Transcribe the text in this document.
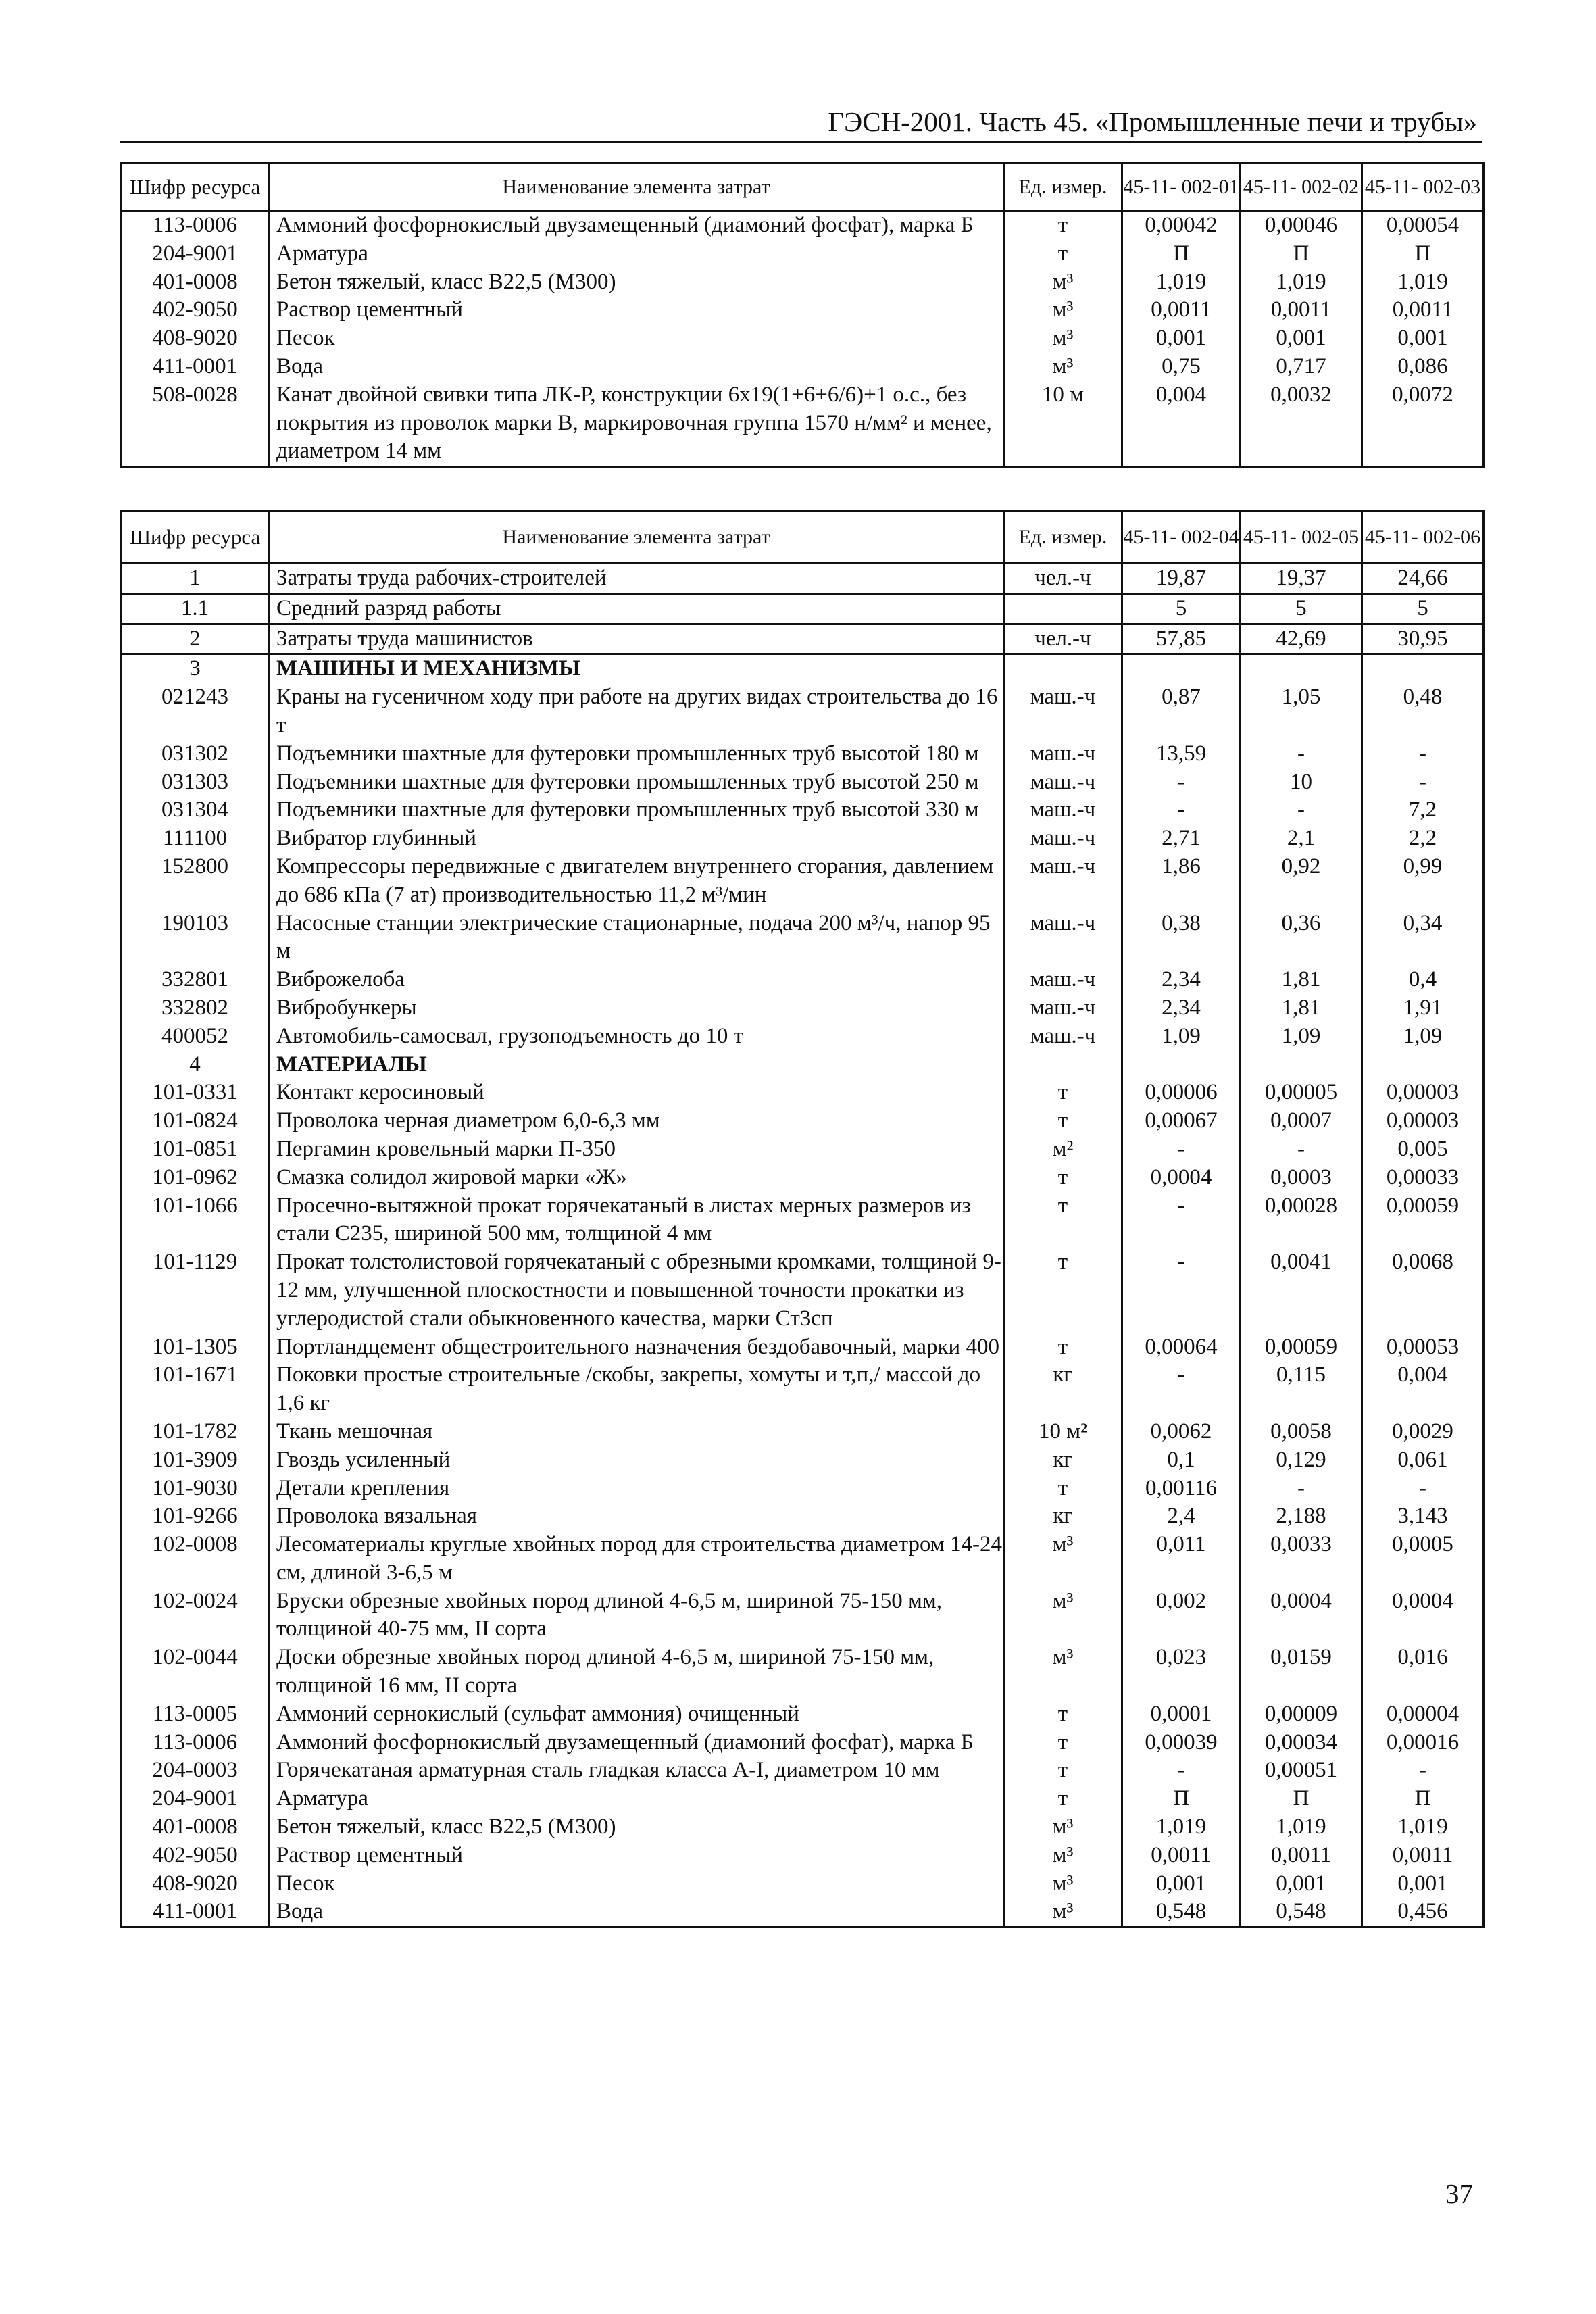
ГЭСН-2001. Часть 45. «Промышленные печи и трубы»
Шифр ресурса	Наименование элемента затрат	Ед. измер.	45-11- 002-01	45-11- 002-02	45-11- 002-03
113-0006	Аммоний фосфорнокислый двузамещенный (диамоний фосфат), марка Б	т	0,00042	0,00046	0,00054
204-9001	Арматура	т	П	П	П
401-0008	Бетон тяжелый, класс В22,5 (М300)	м³	1,019	1,019	1,019
402-9050	Раствор цементный	м³	0,0011	0,0011	0,0011
408-9020	Песок	м³	0,001	0,001	0,001
411-0001	Вода	м³	0,75	0,717	0,086
508-0028	Канат двойной свивки типа ЛК-Р, конструкции 6х19(1+6+6/6)+1 о.с., без покрытия из проволок марки В, маркировочная группа 1570 н/мм² и менее, диаметром 14 мм	10 м	0,004	0,0032	0,0072
Шифр ресурса	Наименование элемента затрат	Ед. измер.	45-11- 002-04	45-11- 002-05	45-11- 002-06
1	Затраты труда рабочих-строителей	чел.-ч	19,87	19,37	24,66
1.1	Средний разряд работы		5	5	5
2	Затраты труда машинистов	чел.-ч	57,85	42,69	30,95
3	МАШИНЫ И МЕХАНИЗМЫ				
021243	Краны на гусеничном ходу при работе на других видах строительства до 16 т	маш.-ч	0,87	1,05	0,48
031302	Подъемники шахтные для футеровки промышленных труб высотой 180 м	маш.-ч	13,59	-	-
031303	Подъемники шахтные для футеровки промышленных труб высотой 250 м	маш.-ч	-	10	-
031304	Подъемники шахтные для футеровки промышленных труб высотой 330 м	маш.-ч	-	-	7,2
111100	Вибратор глубинный	маш.-ч	2,71	2,1	2,2
152800	Компрессоры передвижные с двигателем внутреннего сгорания, давлением до 686 кПа (7 ат) производительностью 11,2 м³/мин	маш.-ч	1,86	0,92	0,99
190103	Насосные станции электрические стационарные, подача 200 м³/ч, напор 95 м	маш.-ч	0,38	0,36	0,34
332801	Виброжелоба	маш.-ч	2,34	1,81	0,4
332802	Вибробункеры	маш.-ч	2,34	1,81	1,91
400052	Автомобиль-самосвал, грузоподъемность до 10 т	маш.-ч	1,09	1,09	1,09
4	МАТЕРИАЛЫ				
101-0331	Контакт керосиновый	т	0,00006	0,00005	0,00003
101-0824	Проволока черная диаметром 6,0-6,3 мм	т	0,00067	0,0007	0,00003
101-0851	Пергамин кровельный марки П-350	м²	-	-	0,005
101-0962	Смазка солидол жировой марки «Ж»	т	0,0004	0,0003	0,00033
101-1066	Просечно-вытяжной прокат горячекатаный в листах мерных размеров из стали С235, шириной 500 мм, толщиной 4 мм	т	-	0,00028	0,00059
101-1129	Прокат толстолистовой горячекатаный с обрезными кромками, толщиной 9-12 мм, улучшенной плоскостности и повышенной точности прокатки из углеродистой стали обыкновенного качества, марки Ст3сп	т	-	0,0041	0,0068
101-1305	Портландцемент общестроительного назначения бездобавочный, марки 400	т	0,00064	0,00059	0,00053
101-1671	Поковки простые строительные /скобы, закрепы, хомуты и т,п,/ массой до 1,6 кг	кг	-	0,115	0,004
101-1782	Ткань мешочная	10 м²	0,0062	0,0058	0,0029
101-3909	Гвоздь усиленный	кг	0,1	0,129	0,061
101-9030	Детали крепления	т	0,00116	-	-
101-9266	Проволока вязальная	кг	2,4	2,188	3,143
102-0008	Лесоматериалы круглые хвойных пород для строительства диаметром 14-24 см, длиной 3-6,5 м	м³	0,011	0,0033	0,0005
102-0024	Бруски обрезные хвойных пород длиной 4-6,5 м, шириной 75-150 мм, толщиной 40-75 мм, II сорта	м³	0,002	0,0004	0,0004
102-0044	Доски обрезные хвойных пород длиной 4-6,5 м, шириной 75-150 мм, толщиной 16 мм, II сорта	м³	0,023	0,0159	0,016
113-0005	Аммоний сернокислый (сульфат аммония) очищенный	т	0,0001	0,00009	0,00004
113-0006	Аммоний фосфорнокислый двузамещенный (диамоний фосфат), марка Б	т	0,00039	0,00034	0,00016
204-0003	Горячекатаная арматурная сталь гладкая класса А-I, диаметром 10 мм	т	-	0,00051	-
204-9001	Арматура	т	П	П	П
401-0008	Бетон тяжелый, класс В22,5 (М300)	м³	1,019	1,019	1,019
402-9050	Раствор цементный	м³	0,0011	0,0011	0,0011
408-9020	Песок	м³	0,001	0,001	0,001
411-0001	Вода	м³	0,548	0,548	0,456
37
